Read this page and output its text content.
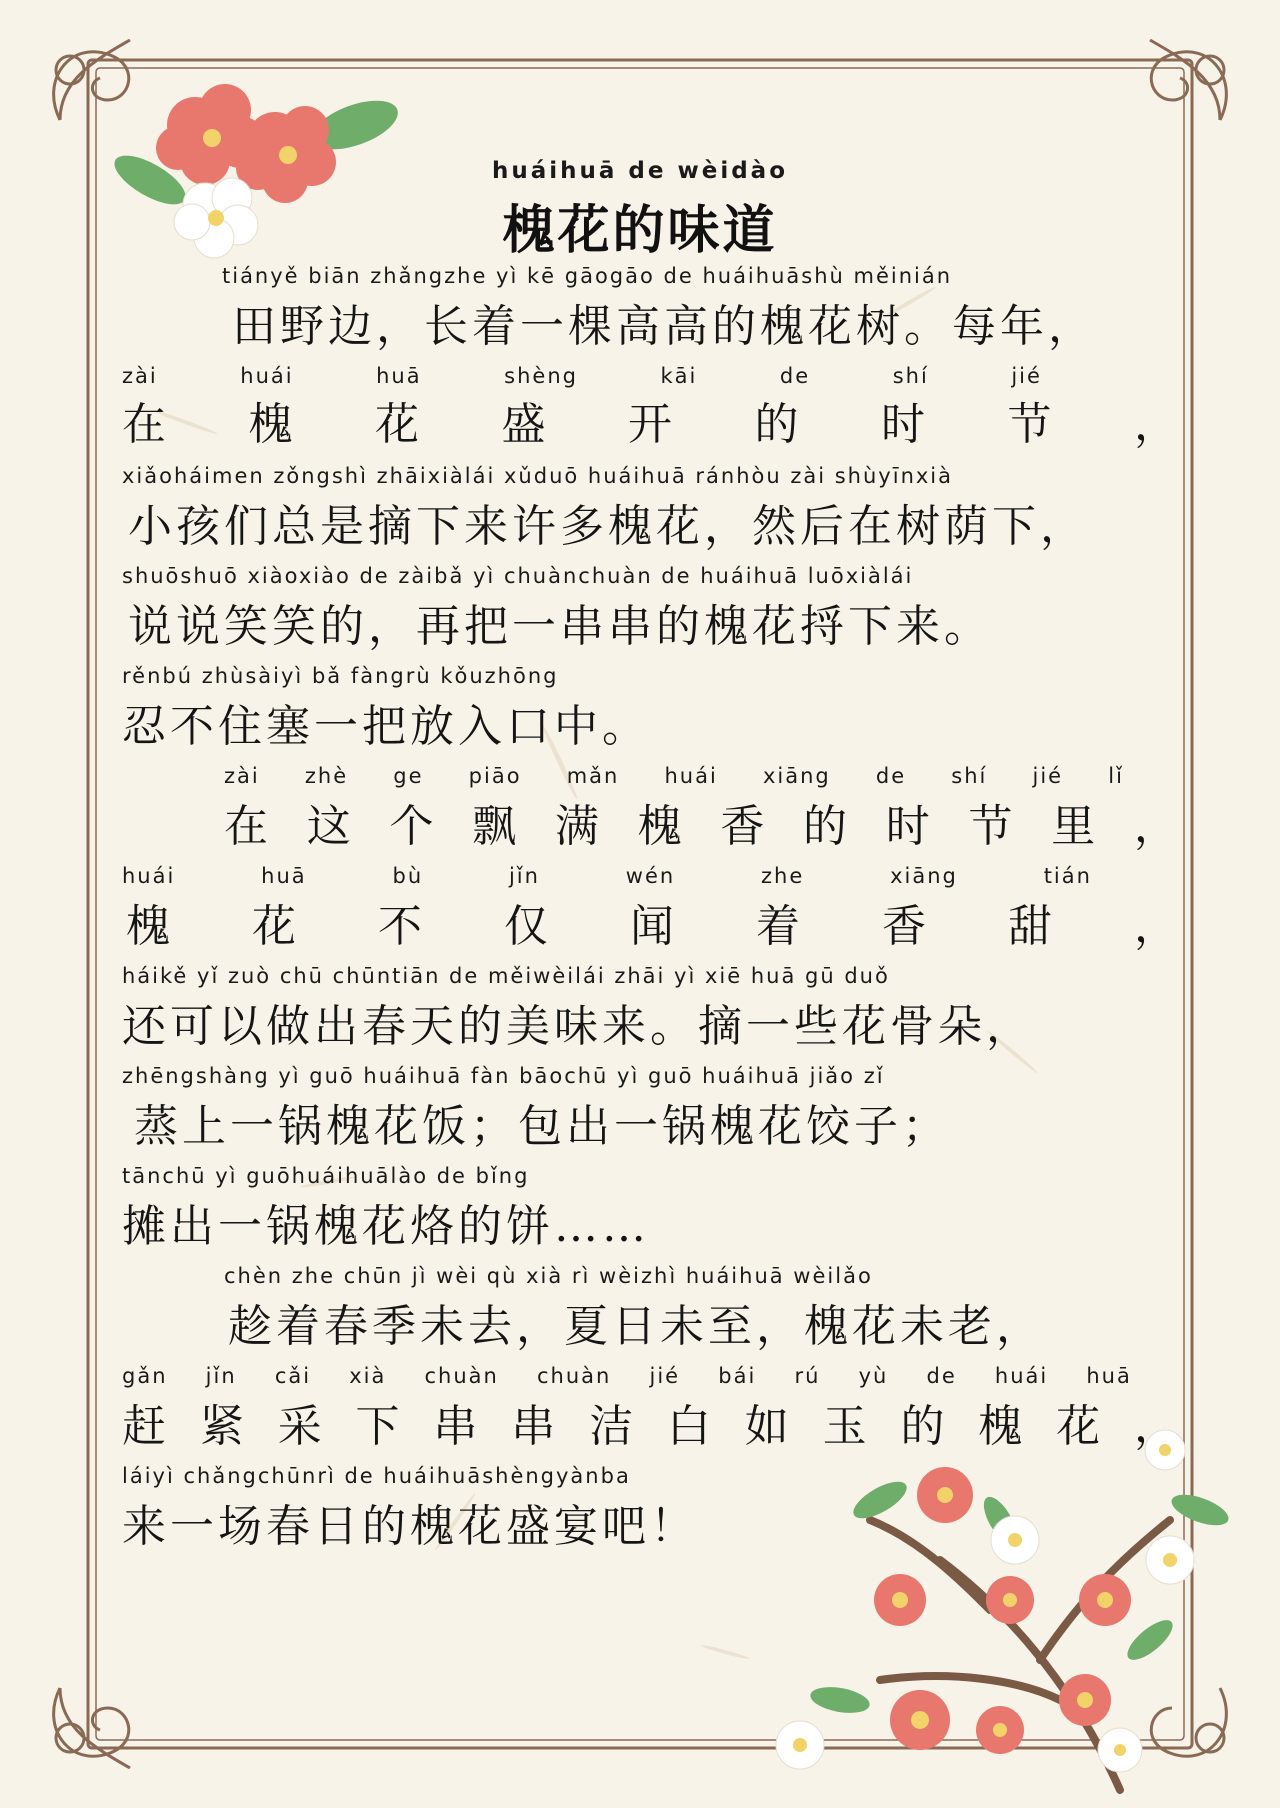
huáihuā de wèidào
槐花的味道
tiányě biān zhǎngzhe yì kē gāogāo de huáihuāshù měinián
田野边，长着一棵高高的槐花树。每年，
zài	huái	huā	shèng	kāi	de	shí	jié
在 槐 花 盛 开 的 时 节 ，
xiǎoháimen zǒngshì zhāixiàlái xǔduō huáihuā ránhòu zài shùyīnxià
小孩们总是摘下来许多槐花，然后在树荫下，
shuōshuō xiàoxiào de zàibǎ yì chuànchuàn de huáihuā luōxiàlái
说说笑笑的，再把一串串的槐花捋下来。
rěnbú zhùsàiyì bǎ fàngrù kǒuzhōng
忍不住塞一把放入口中。
zài zhè ge piāo mǎn huái xiāng de shí jié lǐ
在 这 个 飘 满 槐 香 的 时 节 里 ，
huái	huā	bù	jǐn	wén	zhe	xiāng	tián
槐 花 不 仅 闻 着 香 甜 ，
háikě yǐ zuò chū chūntiān de měiwèilái zhāi yì xiē huā gū duǒ
还可以做出春天的美味来。摘一些花骨朵，
zhēngshàng yì guō huáihuā fàn bāochū yì guō huáihuā jiǎo zǐ
蒸上一锅槐花饭；包出一锅槐花饺子；
tānchū yì guōhuáihuālào de bǐng
摊出一锅槐花烙的饼……
chèn zhe chūn jì wèi qù xià rì wèizhì huáihuā wèilǎo
趁着春季未去，夏日未至，槐花未老，
gǎn jǐn cǎi xià chuàn chuàn jié bái rú yù de huái huā
赶 紧 采 下 串 串 洁 白 如 玉 的 槐 花 ，
láiyì chǎngchūnrì de huáihuāshèngyànba
来一场春日的槐花盛宴吧！
